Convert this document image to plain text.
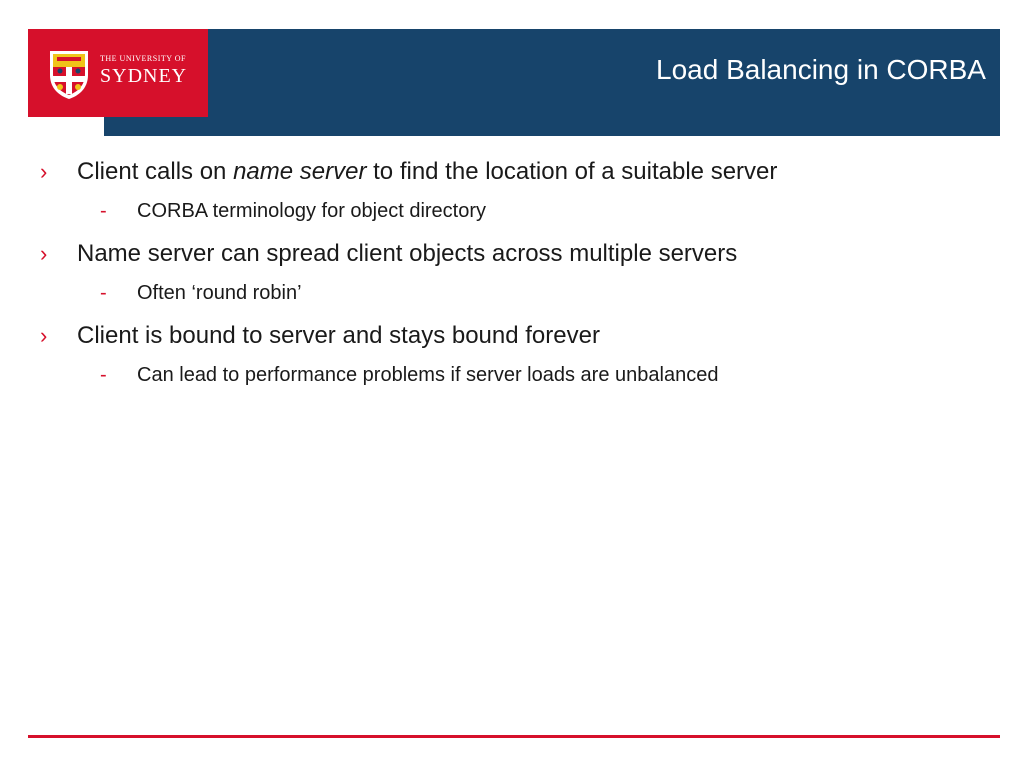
THE UNIVERSITY OF
SYDNEY	Load Balancing in CORBA

› Client calls on name server to find the location of a suitable server

- CORBA terminology for object directory

› Name server can spread client objects across multiple servers

- Often ‘round robin’

› Client is bound to server and stays bound forever

- Can lead to performance problems if server loads are unbalanced
